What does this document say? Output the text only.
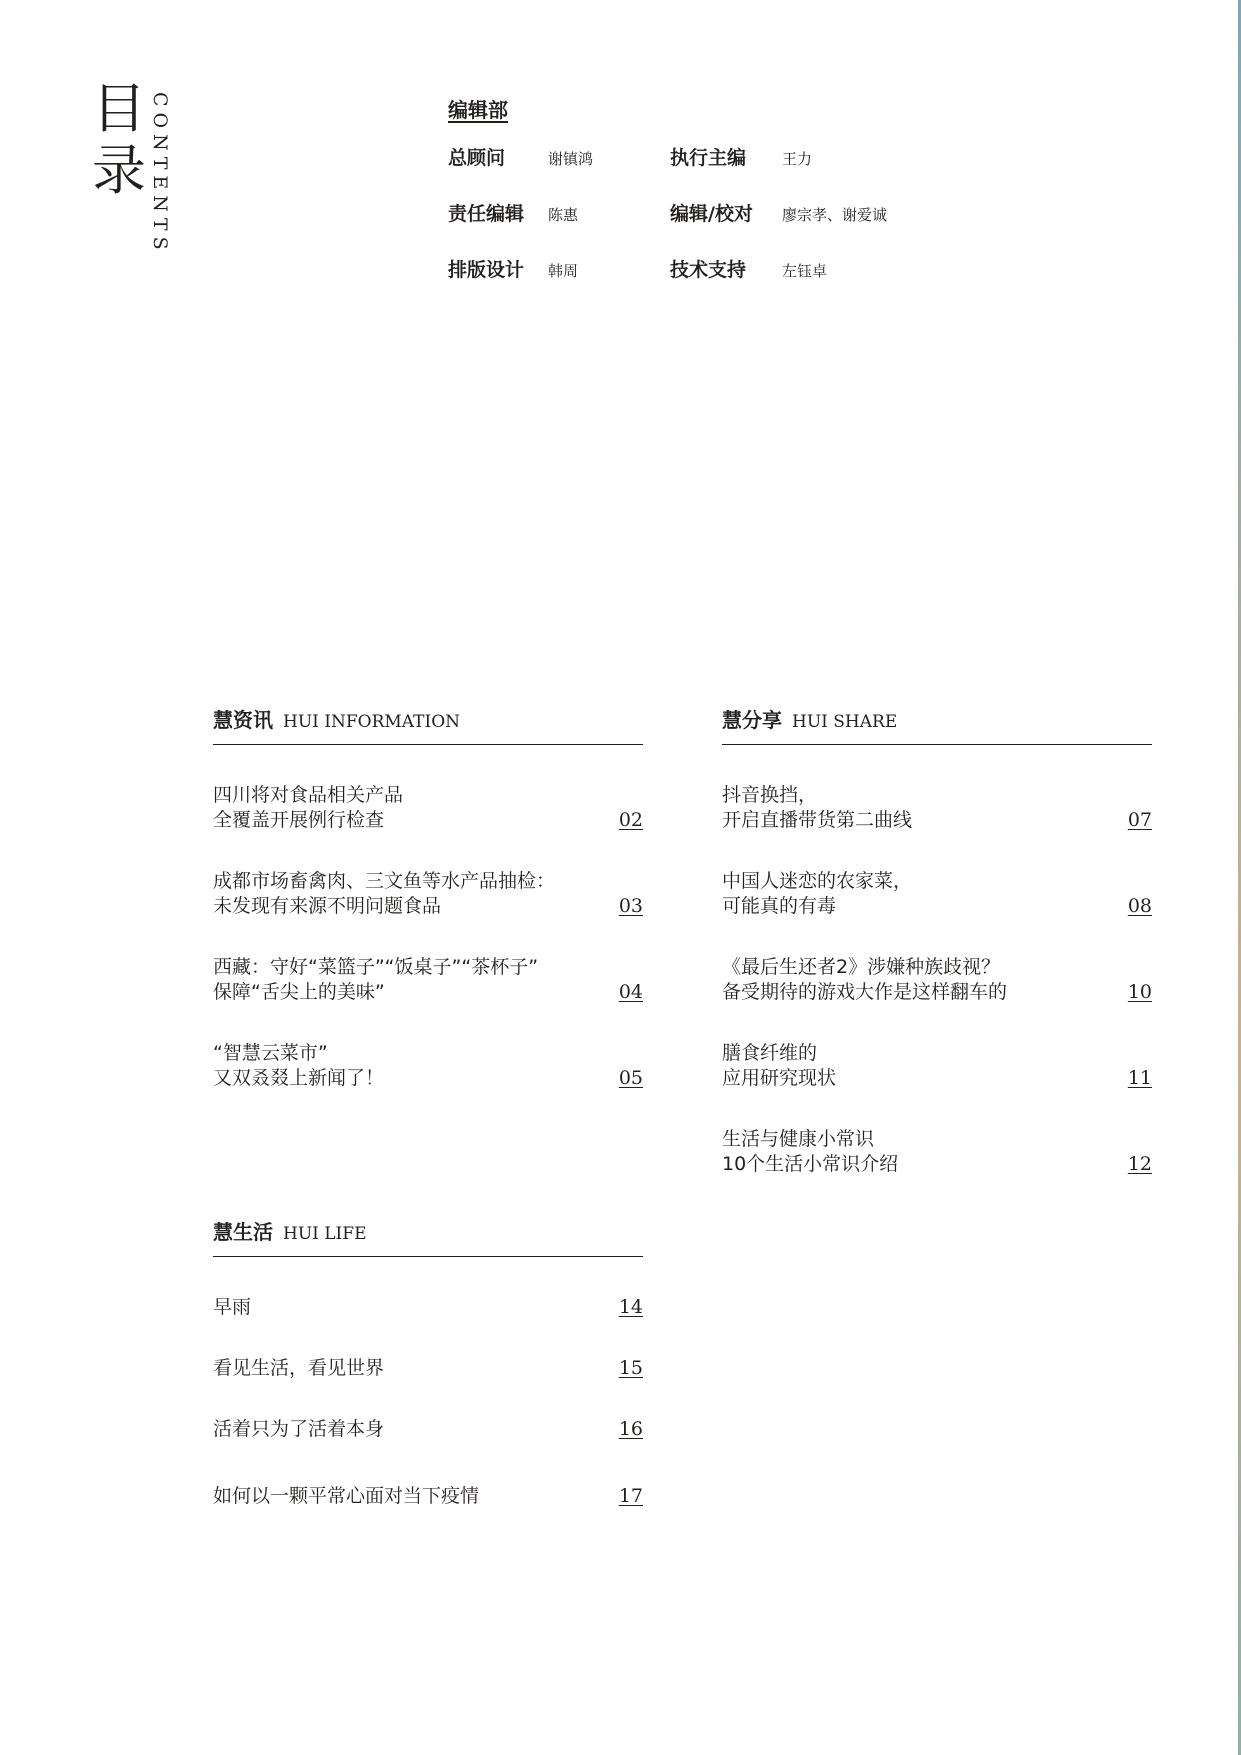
目
录 CONTENTS	编辑部

总顾问	谢镇鸿	执行主编	王力
责任编辑	陈惠	编辑/校对	廖宗孝、谢爱诚
排版设计	韩周	技术支持	左钰卓
慧资讯 HUI INFORMATION
四川将对食品相关产品
全覆盖开展例行检查	02
成都市场畜禽肉、三文鱼等水产品抽检：
未发现有来源不明问题食品	03
西藏：守好“菜篮子”“饭桌子”“茶杯子”
保障“舌尖上的美味”	04
“智慧云菜市”
又双叒叕上新闻了！	05
慧分享 HUI SHARE
抖音换挡，
开启直播带货第二曲线	07
中国人迷恋的农家菜，
可能真的有毒	08
《最后生还者2》涉嫌种族歧视？
备受期待的游戏大作是这样翻车的	10
膳食纤维的
应用研究现状	11
生活与健康小常识
10个生活小常识介绍	12
慧生活 HUI LIFE
早雨	14
看见生活，看见世界	15
活着只为了活着本身	16
如何以一颗平常心面对当下疫情	17
